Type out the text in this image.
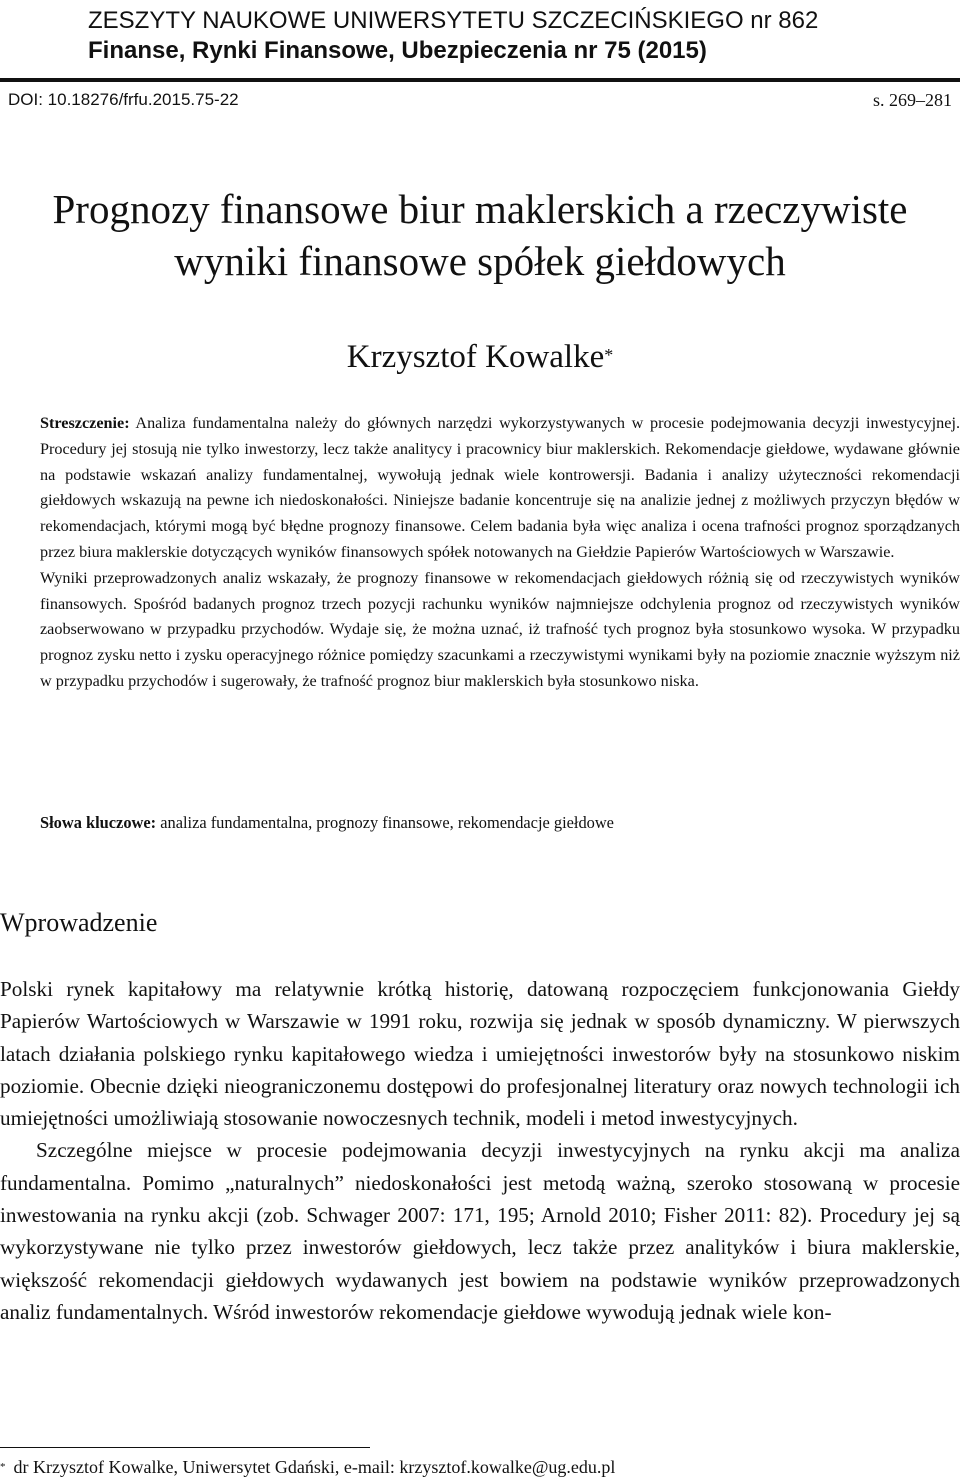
ZESZYTY NAUKOWE UNIWERSYTETU SZCZECIŃSKIEGO nr 862
Finanse, Rynki Finansowe, Ubezpieczenia nr 75 (2015)
DOI: 10.18276/frfu.2015.75-22	s. 269–281
Prognozy finansowe biur maklerskich a rzeczywiste
wyniki finansowe spółek giełdowych
Krzysztof Kowalke*

Streszczenie: Analiza fundamentalna należy do głównych narzędzi wykorzystywanych w procesie podejmowania decyzji inwestycyjnej. Procedury jej stosują nie tylko inwestorzy, lecz także analitycy i pracownicy biur maklerskich. Rekomendacje giełdowe, wydawane głównie na podstawie wskazań analizy fundamentalnej, wywołują jednak wiele kontrowersji. Badania i analizy użyteczności rekomendacji giełdowych wskazują na pewne ich niedoskonałości. Niniejsze badanie koncentruje się na analizie jednej z możliwych przyczyn błędów w rekomendacjach, którymi mogą być błędne prognozy finansowe. Celem badania była więc analiza i ocena trafności prognoz sporządzanych przez biura maklerskie dotyczących wyników finansowych spółek notowanych na Giełdzie Papierów Wartościowych w Warszawie.

Wyniki przeprowadzonych analiz wskazały, że prognozy finansowe w rekomendacjach giełdowych różnią się od rzeczywistych wyników finansowych. Spośród badanych prognoz trzech pozycji rachunku wyników najmniejsze odchylenia prognoz od rzeczywistych wyników zaobserwowano w przypadku przychodów. Wydaje się, że można uznać, iż trafność tych prognoz była stosunkowo wysoka. W przypadku prognoz zysku netto i zysku operacyjnego różnice pomiędzy szacunkami a rzeczywistymi wynikami były na poziomie znacznie wyższym niż w przypadku przychodów i sugerowały, że trafność prognoz biur maklerskich była stosunkowo niska.

Słowa kluczowe: analiza fundamentalna, prognozy finansowe, rekomendacje giełdowe
Wprowadzenie

Polski rynek kapitałowy ma relatywnie krótką historię, datowaną rozpoczęciem funkcjonowania Giełdy Papierów Wartościowych w Warszawie w 1991 roku, rozwija się jednak w sposób dynamiczny. W pierwszych latach działania polskiego rynku kapitałowego wiedza i umiejętności inwestorów były na stosunkowo niskim poziomie. Obecnie dzięki nieograniczonemu dostępowi do profesjonalnej literatury oraz nowych technologii ich umiejętności umożliwiają stosowanie nowoczesnych technik, modeli i metod inwestycyjnych.

Szczególne miejsce w procesie podejmowania decyzji inwestycyjnych na rynku akcji ma analiza fundamentalna. Pomimo „naturalnych” niedoskonałości jest metodą ważną, szeroko stosowaną w procesie inwestowania na rynku akcji (zob. Schwager 2007: 171, 195; Arnold 2010; Fisher 2011: 82). Procedury jej są wykorzystywane nie tylko przez inwestorów giełdowych, lecz także przez analityków i biura maklerskie, większość rekomendacji giełdowych wydawanych jest bowiem na podstawie wyników przeprowadzonych analiz fundamentalnych. Wśród inwestorów rekomendacje giełdowe wywodują jednak wiele kon-

* dr Krzysztof Kowalke, Uniwersytet Gdański, e-mail: krzysztof.kowalke@ug.edu.pl
